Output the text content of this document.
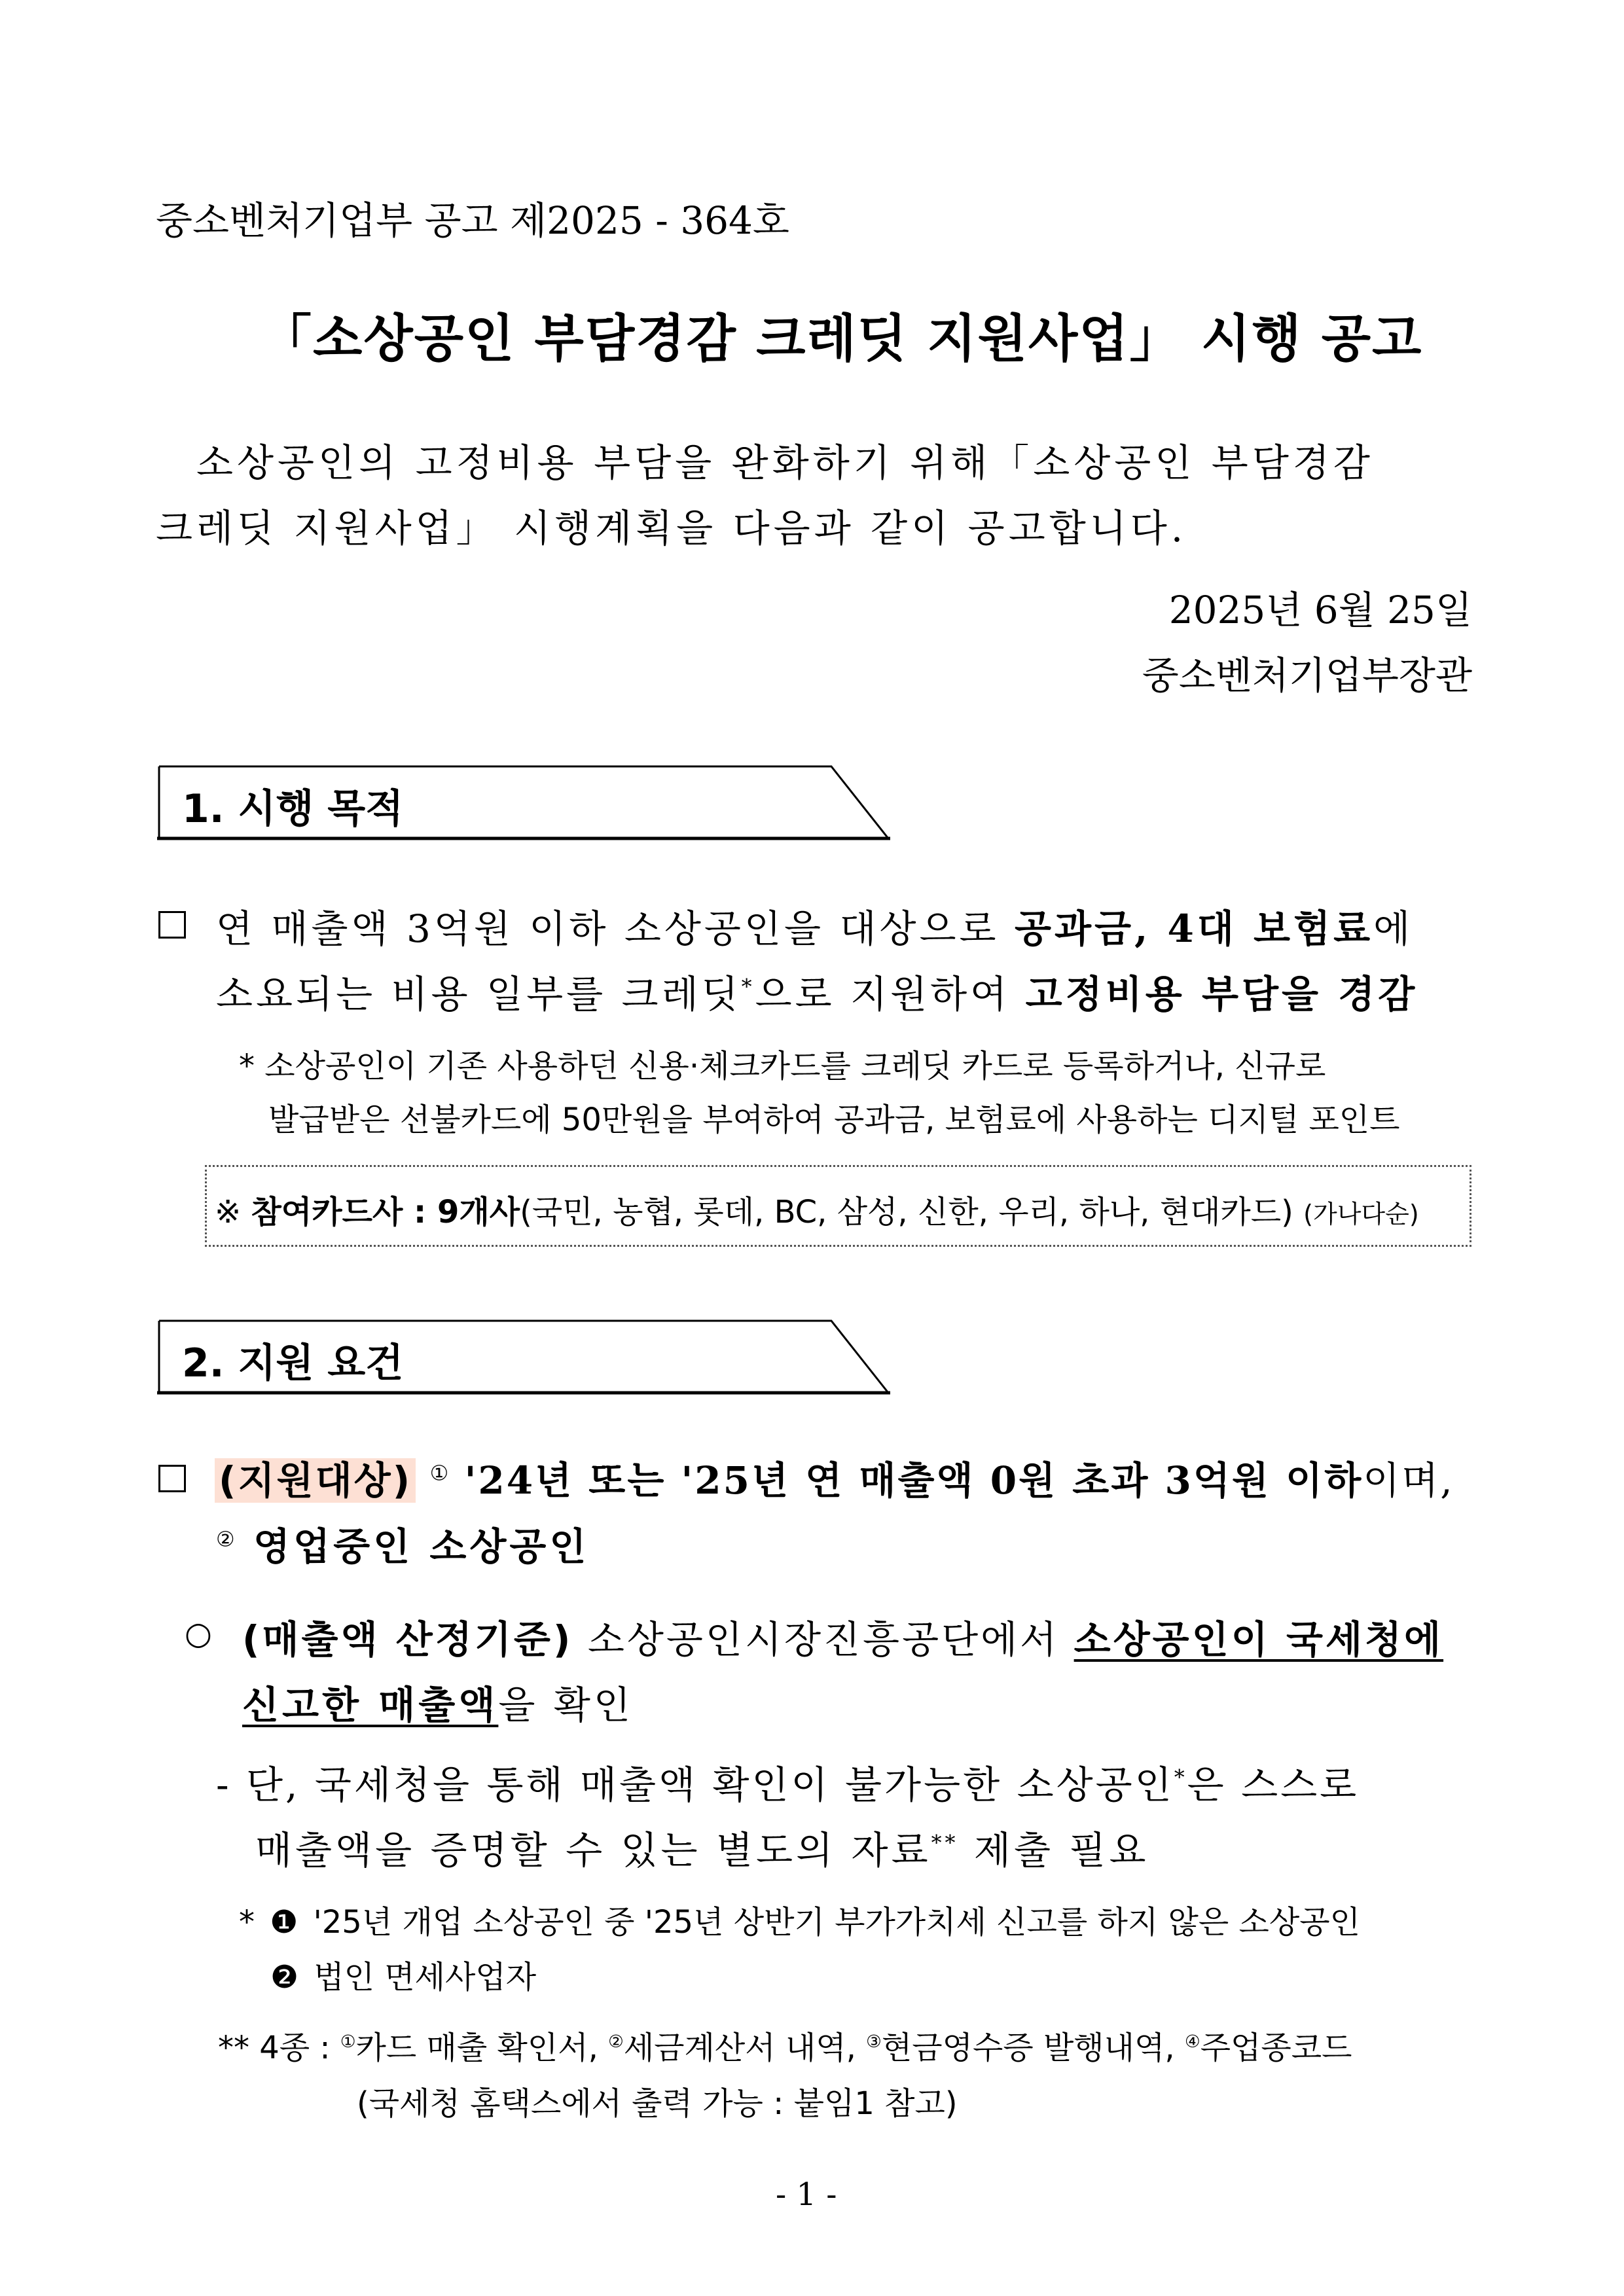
중소벤처기업부 공고 제2025 - 364호
「소상공인 부담경감 크레딧 지원사업」 시행 공고
소상공인의 고정비용 부담을 완화하기 위해「소상공인 부담경감
크레딧 지원사업」 시행계획을 다음과 같이 공고합니다.
2025년 6월 25일
중소벤처기업부장관
1. 시행 목적
연 매출액 3억원 이하 소상공인을 대상으로 공과금, 4대 보험료에
소요되는 비용 일부를 크레딧*으로 지원하여 고정비용 부담을 경감
* 소상공인이 기존 사용하던 신용·체크카드를 크레딧 카드로 등록하거나, 신규로
발급받은 선불카드에 50만원을 부여하여 공과금, 보험료에 사용하는 디지털 포인트
※ 참여카드사 : 9개사(국민, 농협, 롯데, BC, 삼성, 신한, 우리, 하나, 현대카드) (가나다순)
2. 지원 요건
(지원대상) ① '24년 또는 '25년 연 매출액 0원 초과 3억원 이하이며,
② 영업중인 소상공인
○ (매출액 산정기준) 소상공인시장진흥공단에서 소상공인이 국세청에
신고한 매출액을 확인
- 단, 국세청을 통해 매출액 확인이 불가능한 소상공인*은 스스로
매출액을 증명할 수 있는 별도의 자료** 제출 필요
* ❶ '25년 개업 소상공인 중 '25년 상반기 부가가치세 신고를 하지 않은 소상공인
❷ 법인 면세사업자
** 4종 : ①카드 매출 확인서, ②세금계산서 내역, ③현금영수증 발행내역, ④주업종코드
(국세청 홈택스에서 출력 가능 : 붙임1 참고)
- 1 -
